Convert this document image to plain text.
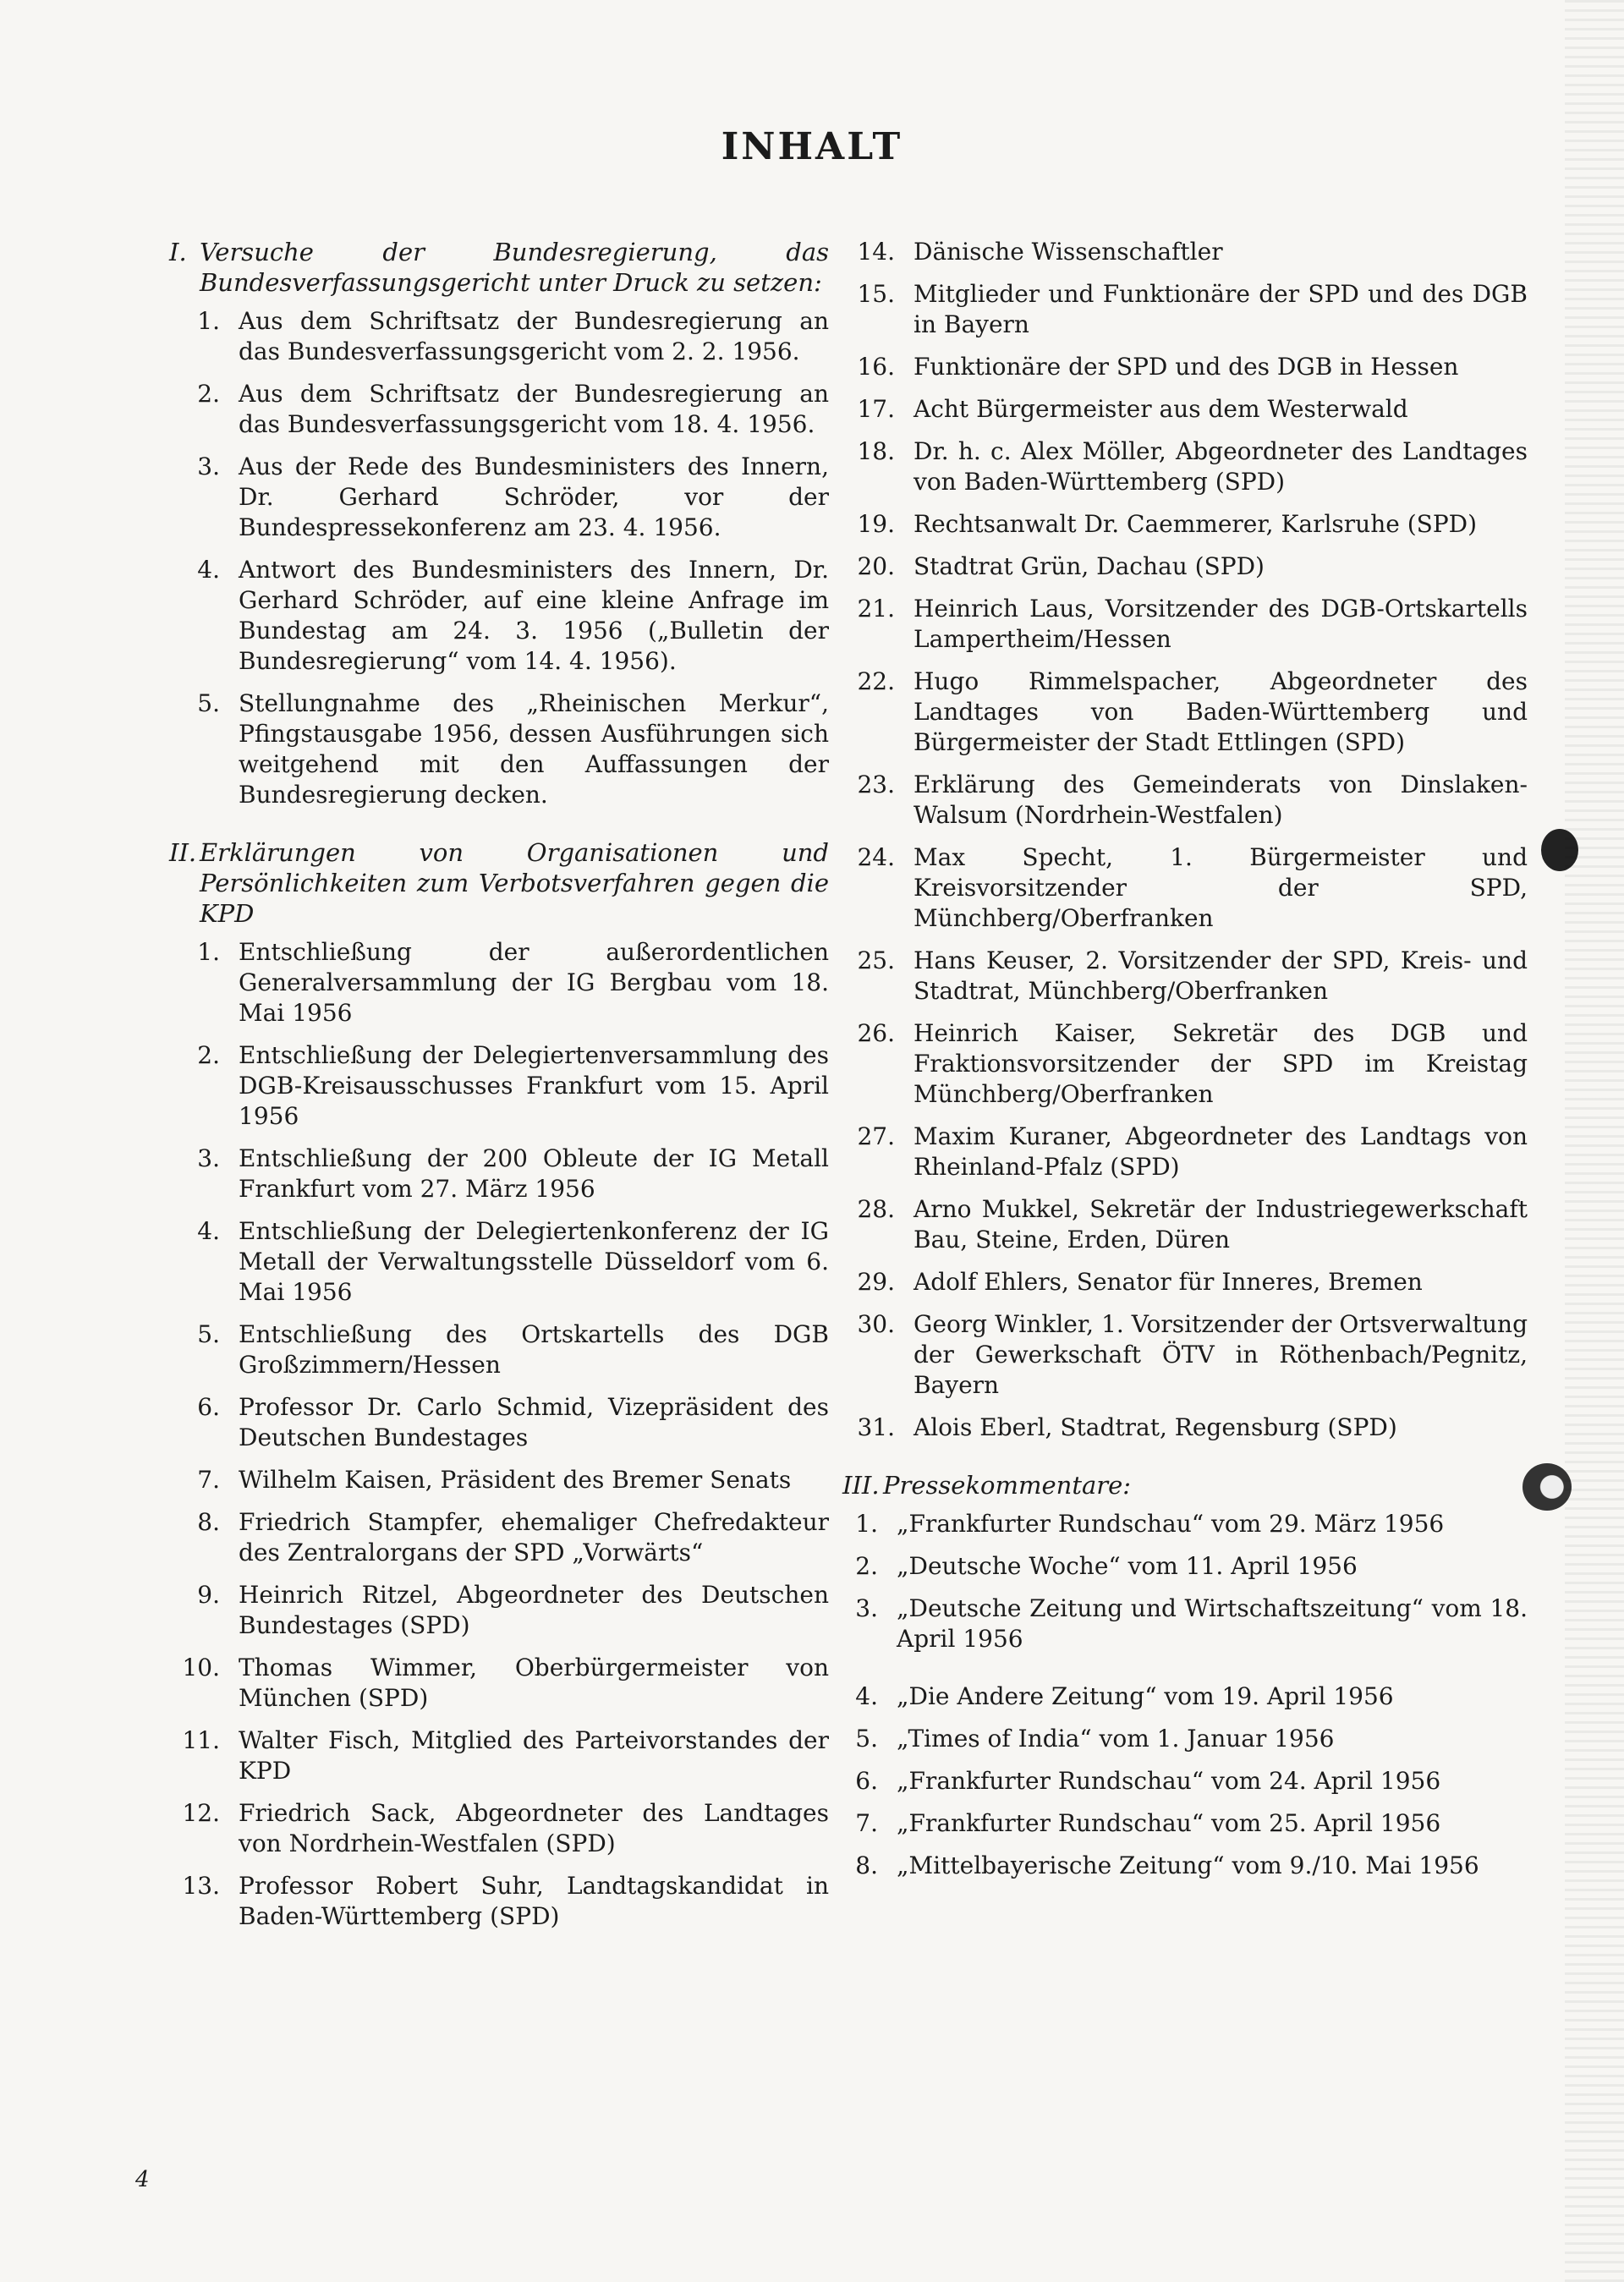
INHALT
I. Versuche der Bundesregierung, das Bundesverfassungsgericht unter Druck zu setzen:
1. Aus dem Schriftsatz der Bundesregierung an das Bundesverfassungsgericht vom 2. 2. 1956.
2. Aus dem Schriftsatz der Bundesregierung an das Bundesverfassungsgericht vom 18. 4. 1956.
3. Aus der Rede des Bundesministers des Innern, Dr. Gerhard Schröder, vor der Bundespressekonferenz am 23. 4. 1956.
4. Antwort des Bundesministers des Innern, Dr. Gerhard Schröder, auf eine kleine Anfrage im Bundestag am 24. 3. 1956 („Bulletin der Bundesregierung“ vom 14. 4. 1956).
5. Stellungnahme des „Rheinischen Merkur“, Pfingstausgabe 1956, dessen Ausführungen sich weitgehend mit den Auffassungen der Bundesregierung decken.
II. Erklärungen von Organisationen und Persönlichkeiten zum Verbotsverfahren gegen die KPD
1. Entschließung der außerordentlichen Generalversammlung der IG Bergbau vom 18. Mai 1956
2. Entschließung der Delegiertenversammlung des DGB-Kreisausschusses Frankfurt vom 15. April 1956
3. Entschließung der 200 Obleute der IG Metall Frankfurt vom 27. März 1956
4. Entschließung der Delegiertenkonferenz der IG Metall der Verwaltungsstelle Düsseldorf vom 6. Mai 1956
5. Entschließung des Ortskartells des DGB Großzimmern/Hessen
6. Professor Dr. Carlo Schmid, Vizepräsident des Deutschen Bundestages
7. Wilhelm Kaisen, Präsident des Bremer Senats
8. Friedrich Stampfer, ehemaliger Chefredakteur des Zentralorgans der SPD „Vorwärts“
9. Heinrich Ritzel, Abgeordneter des Deutschen Bundestages (SPD)
10. Thomas Wimmer, Oberbürgermeister von München (SPD)
11. Walter Fisch, Mitglied des Parteivorstandes der KPD
12. Friedrich Sack, Abgeordneter des Landtages von Nordrhein-Westfalen (SPD)
13. Professor Robert Suhr, Landtagskandidat in Baden-Württemberg (SPD)
14. Dänische Wissenschaftler
15. Mitglieder und Funktionäre der SPD und des DGB in Bayern
16. Funktionäre der SPD und des DGB in Hessen
17. Acht Bürgermeister aus dem Westerwald
18. Dr. h. c. Alex Möller, Abgeordneter des Landtages von Baden-Württemberg (SPD)
19. Rechtsanwalt Dr. Caemmerer, Karlsruhe (SPD)
20. Stadtrat Grün, Dachau (SPD)
21. Heinrich Laus, Vorsitzender des DGB-Ortskartells Lampertheim/Hessen
22. Hugo Rimmelspacher, Abgeordneter des Landtages von Baden-Württemberg und Bürgermeister der Stadt Ettlingen (SPD)
23. Erklärung des Gemeinderats von Dinslaken-Walsum (Nordrhein-Westfalen)
24. Max Specht, 1. Bürgermeister und Kreisvorsitzender der SPD, Münchberg/Oberfranken
25. Hans Keuser, 2. Vorsitzender der SPD, Kreis- und Stadtrat, Münchberg/Oberfranken
26. Heinrich Kaiser, Sekretär des DGB und Fraktionsvorsitzender der SPD im Kreistag Münchberg/Oberfranken
27. Maxim Kuraner, Abgeordneter des Landtags von Rheinland-Pfalz (SPD)
28. Arno Mukkel, Sekretär der Industriegewerkschaft Bau, Steine, Erden, Düren
29. Adolf Ehlers, Senator für Inneres, Bremen
30. Georg Winkler, 1. Vorsitzender der Ortsverwaltung der Gewerkschaft ÖTV in Röthenbach/Pegnitz, Bayern
31. Alois Eberl, Stadtrat, Regensburg (SPD)
III. Pressekommentare:
1. „Frankfurter Rundschau“ vom 29. März 1956
2. „Deutsche Woche“ vom 11. April 1956
3. „Deutsche Zeitung und Wirtschaftszeitung“ vom 18. April 1956
4. „Die Andere Zeitung“ vom 19. April 1956
5. „Times of India“ vom 1. Januar 1956
6. „Frankfurter Rundschau“ vom 24. April 1956
7. „Frankfurter Rundschau“ vom 25. April 1956
8. „Mittelbayerische Zeitung“ vom 9./10. Mai 1956
4
